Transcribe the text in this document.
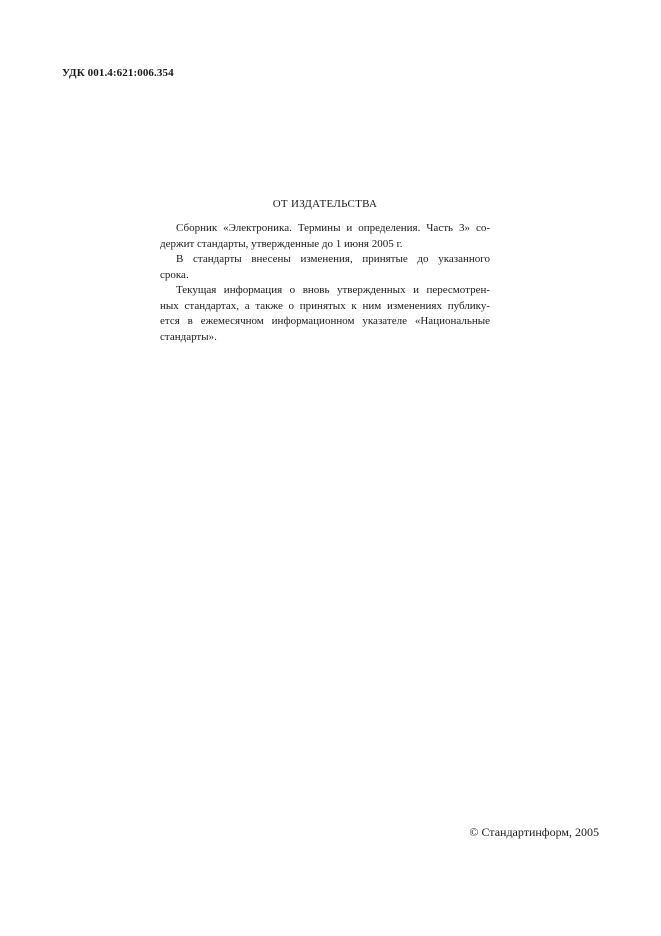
УДК 001.4:621:006.354
ОТ ИЗДАТЕЛЬСТВА
Сборник «Электроника. Термины и определения. Часть 3» со-
держит стандарты, утвержденные до 1 июня 2005 г.
В стандарты внесены изменения, принятые до указанного
срока.
Текущая информация о вновь утвержденных и пересмотрен-
ных стандартах, а также о принятых к ним изменениях публику-
ется в ежемесячном информационном указателе «Национальные
стандарты».
© Стандартинформ, 2005
